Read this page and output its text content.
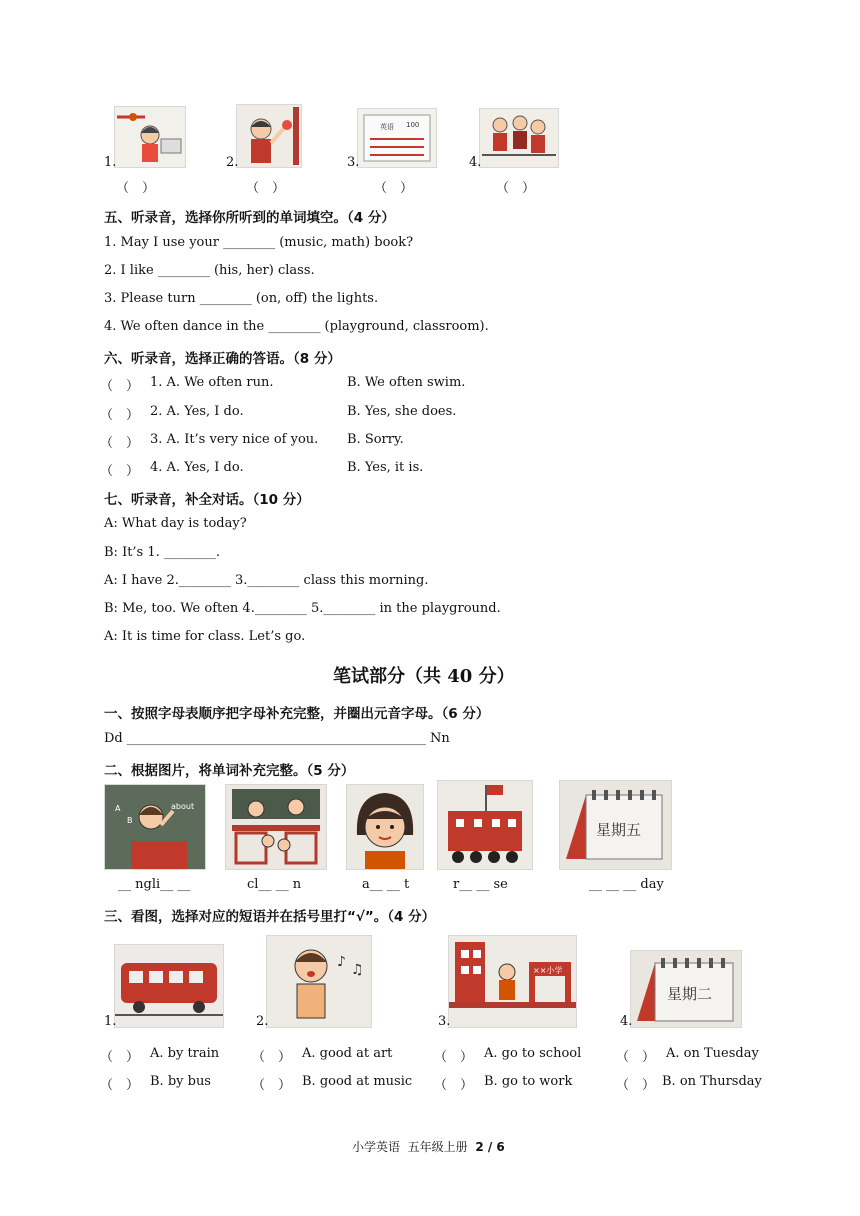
英语 100
1.	2.	3.	4.
（　）	（　）	（　）	（　）
五、听录音，选择你所听到的单词填空。（4 分）
1. May I use your ________ (music, math) book?
2. I like ________ (his, her) class.
3. Please turn ________ (on, off) the lights.
4. We often dance in the ________ (playground, classroom).
六、听录音，选择正确的答语。（8 分）
（　） 1. A. We often run.	B. We often swim.
（　） 2. A. Yes, I do.	B. Yes, she does.
（　） 3. A. It’s very nice of you. B. Sorry.
（　） 4. A. Yes, I do.	B. Yes, it is.
七、听录音，补全对话。（10 分）
A: What day is today?
B: It’s 1. ________.
A: I have 2.________ 3.________ class this morning.
B: Me, too. We often 4.________ 5.________ in the playground.
A: It is time for class. Let’s go.
笔试部分（共 40 分）
一、按照字母表顺序把字母补充完整，并圈出元音字母。（6 分）
Dd ______________________________________________ Nn
二、根据图片，将单词补充完整。（5 分）
about
A
B
星期五
__ ngli__ __	cl__ __ n	a__ __ t	r__ __ se	__ __ __ day
三、看图，选择对应的短语并在括号里打“√”。（4 分）
♪ ♫	××小学
星期二
1.	2.	3.	4.
（　） A. by train	（　） A. good at art	（　） A. go to school	（　） A. on Tuesday
（　） B. by bus	（　） B. good at music （　） B. go to work	（　） B. on Thursday
小学英语 五年级上册 2 / 6
